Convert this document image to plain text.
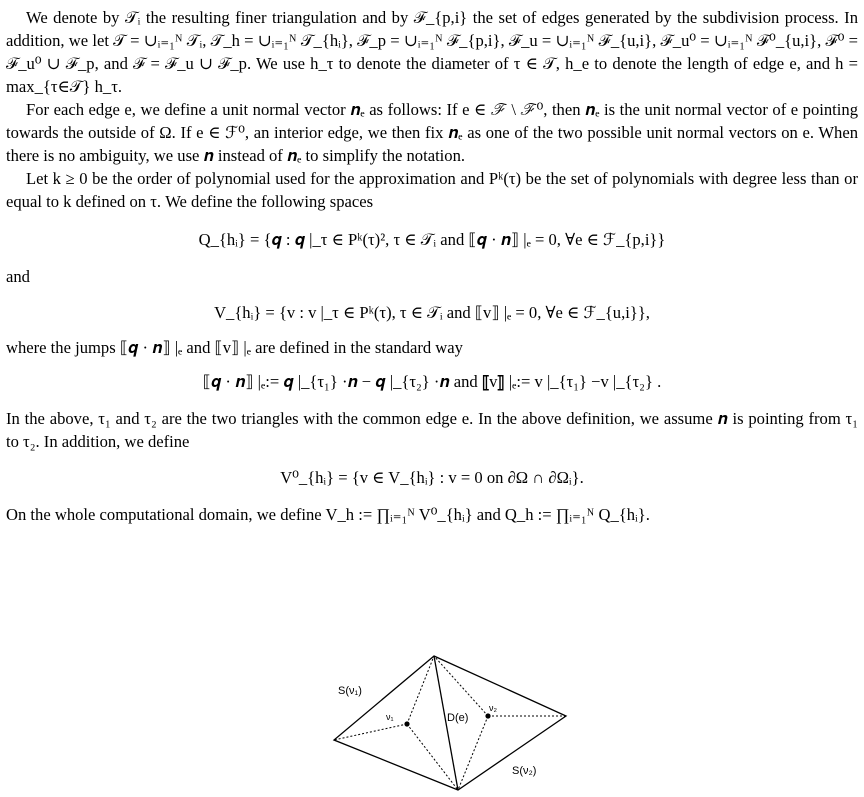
We denote by 𝒯ᵢ the resulting finer triangulation and by ℱ_{p,i} the set of edges generated by the subdivision process. In addition, we let 𝒯 = ∪ᵢ₌₁ᴺ 𝒯ᵢ, 𝒯_h = ∪ᵢ₌₁ᴺ 𝒯_{hᵢ}, ℱ_p = ∪ᵢ₌₁ᴺ ℱ_{p,i}, ℱ_u = ∪ᵢ₌₁ᴺ ℱ_{u,i}, ℱ_u⁰ = ∪ᵢ₌₁ᴺ ℱ⁰_{u,i}, ℱ⁰ = ℱ_u⁰ ∪ ℱ_p, and ℱ = ℱ_u ∪ ℱ_p. We use h_τ to denote the diameter of τ ∈ 𝒯, h_e to denote the length of edge e, and h = max_{τ∈𝒯} h_τ.

For each edge e, we define a unit normal vector 𝒏ₑ as follows: If e ∈ ℱ \ ℱ⁰, then 𝒏ₑ is the unit normal vector of e pointing towards the outside of Ω. If e ∈ ℱ⁰, an interior edge, we then fix 𝒏ₑ as one of the two possible unit normal vectors on e. When there is no ambiguity, we use 𝒏 instead of 𝒏ₑ to simplify the notation.

Let k ≥ 0 be the order of polynomial used for the approximation and Pᵏ(τ) be the set of polynomials with degree less than or equal to k defined on τ. We define the following spaces

Q_{hᵢ} = {𝒒 : 𝒒 |_τ ∈ Pᵏ(τ)², τ ∈ 𝒯ᵢ and ⟦𝒒 · 𝒏⟧ |ₑ = 0, ∀e ∈ ℱ_{p,i}}

and

V_{hᵢ} = {v : v |_τ ∈ Pᵏ(τ), τ ∈ 𝒯ᵢ and ⟦v⟧ |ₑ = 0, ∀e ∈ ℱ_{u,i}},

where the jumps ⟦𝒒 · 𝒏⟧ |ₑ and ⟦v⟧ |ₑ are defined in the standard way

⟦𝒒 · 𝒏⟧ |ₑ:= 𝒒 |_{τ₁} ·𝒏 − 𝒒 |_{τ₂} ·𝒏 and ⟦v⟧ |ₑ:= v |_{τ₁} −v |_{τ₂} .

In the above, τ₁ and τ₂ are the two triangles with the common edge e. In the above definition, we assume 𝒏 is pointing from τ₁ to τ₂. In addition, we define

V⁰_{hᵢ} = {v ∈ V_{hᵢ} : v = 0 on ∂Ω ∩ ∂Ωᵢ}.

On the whole computational domain, we define V_h := ∏ᵢ₌₁ᴺ V⁰_{hᵢ} and Q_h := ∏ᵢ₌₁ᴺ Q_{hᵢ}.

S(ν₁)
ν₁	D(e)
ν₂
S(ν₂)
